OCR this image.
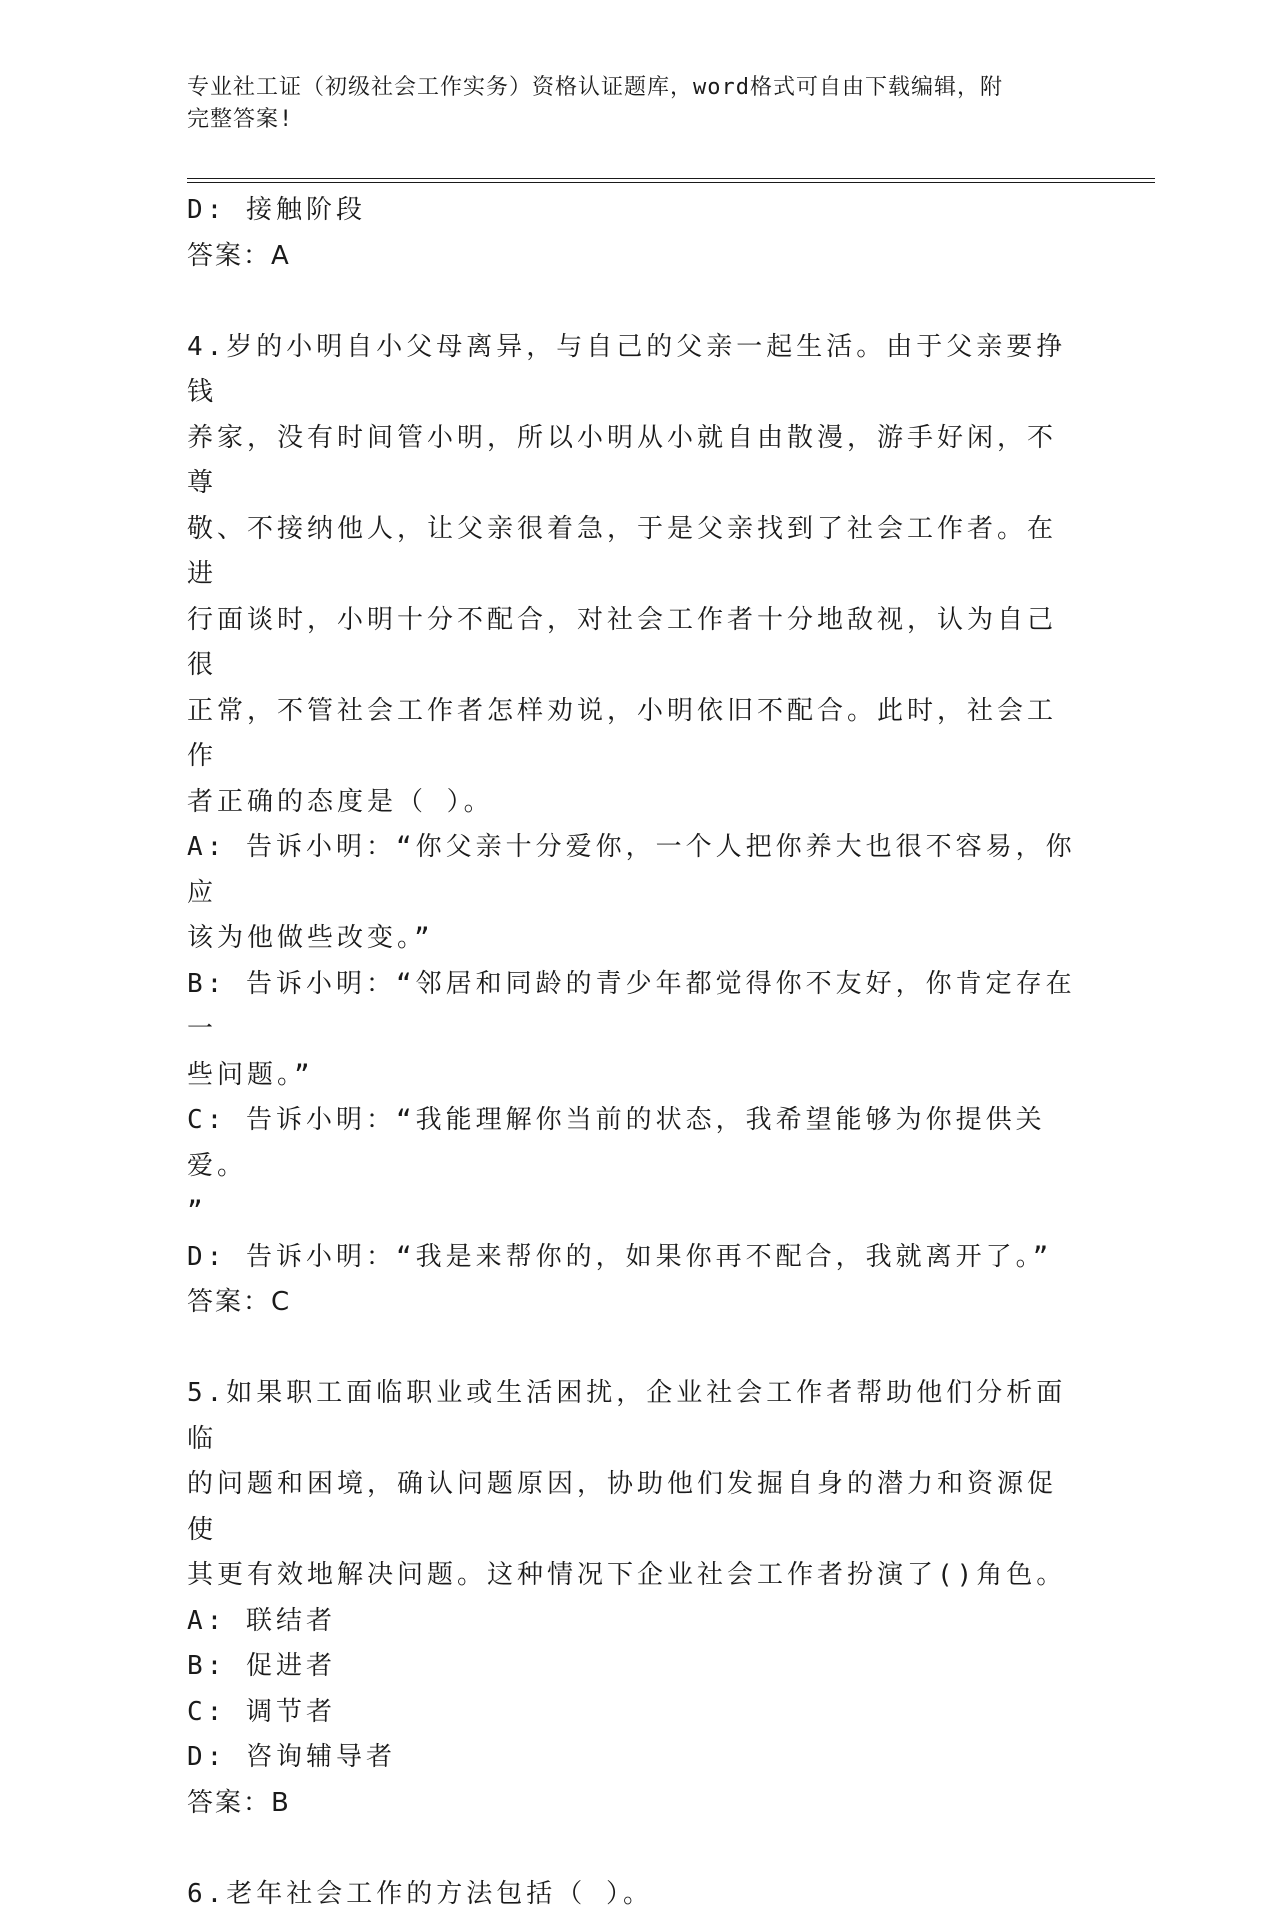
专业社工证（初级社会工作实务）资格认证题库，word格式可自由下载编辑，附
完整答案!
D: 接触阶段
答案：A
4.岁的小明自小父母离异，与自己的父亲一起生活。由于父亲要挣钱
养家，没有时间管小明，所以小明从小就自由散漫，游手好闲，不尊
敬、不接纳他人，让父亲很着急，于是父亲找到了社会工作者。在进
行面谈时，小明十分不配合，对社会工作者十分地敌视，认为自己很
正常，不管社会工作者怎样劝说，小明依旧不配合。此时，社会工作
者正确的态度是（ ）。
A: 告诉小明：“你父亲十分爱你，一个人把你养大也很不容易，你应
该为他做些改变。”
B: 告诉小明：“邻居和同龄的青少年都觉得你不友好，你肯定存在一
些问题。”
C: 告诉小明：“我能理解你当前的状态，我希望能够为你提供关爱。
”
D: 告诉小明：“我是来帮你的，如果你再不配合，我就离开了。”
答案：C
5.如果职工面临职业或生活困扰，企业社会工作者帮助他们分析面临
的问题和困境，确认问题原因，协助他们发掘自身的潜力和资源促使
其更有效地解决问题。这种情况下企业社会工作者扮演了()角色。
A: 联结者
B: 促进者
C: 调节者
D: 咨询辅导者
答案：B
6.老年社会工作的方法包括（ ）。
